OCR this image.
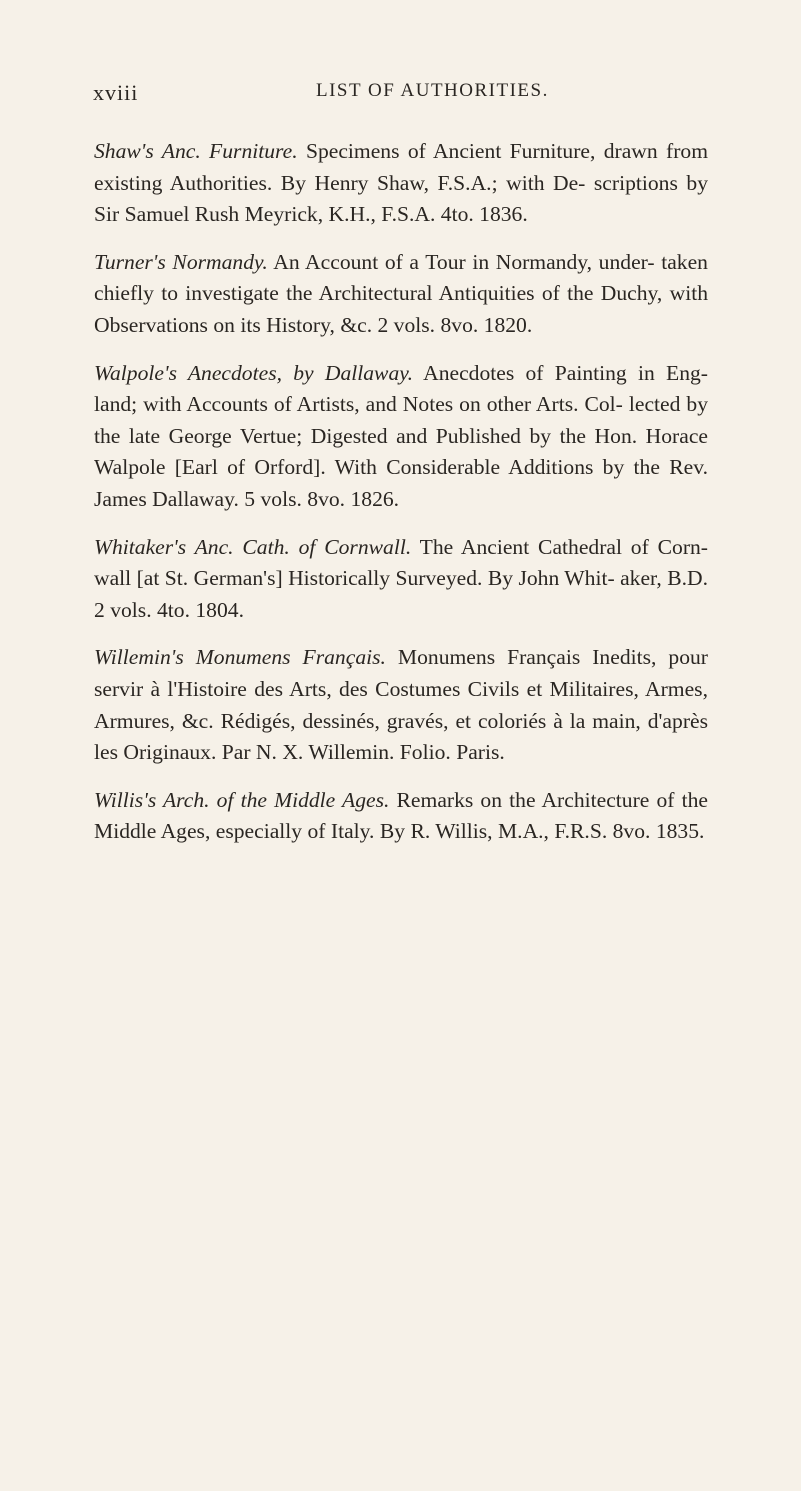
xviii	LIST OF AUTHORITIES.

Shaw's Anc. Furniture. Specimens of Ancient Furniture, drawn from existing Authorities. By Henry Shaw, F.S.A.; with De- scriptions by Sir Samuel Rush Meyrick, K.H., F.S.A. 4to. 1836.

Turner's Normandy. An Account of a Tour in Normandy, under- taken chiefly to investigate the Architectural Antiquities of the Duchy, with Observations on its History, &c. 2 vols. 8vo. 1820.

Walpole's Anecdotes, by Dallaway. Anecdotes of Painting in Eng- land; with Accounts of Artists, and Notes on other Arts. Col- lected by the late George Vertue; Digested and Published by the Hon. Horace Walpole [Earl of Orford]. With Considerable Additions by the Rev. James Dallaway. 5 vols. 8vo. 1826.

Whitaker's Anc. Cath. of Cornwall. The Ancient Cathedral of Corn- wall [at St. German's] Historically Surveyed. By John Whit- aker, B.D. 2 vols. 4to. 1804.

Willemin's Monumens Français. Monumens Français Inedits, pour servir à l'Histoire des Arts, des Costumes Civils et Militaires, Armes, Armures, &c. Rédigés, dessinés, gravés, et coloriés à la main, d'après les Originaux. Par N. X. Willemin. Folio. Paris.

Willis's Arch. of the Middle Ages. Remarks on the Architecture of the Middle Ages, especially of Italy. By R. Willis, M.A., F.R.S. 8vo. 1835.
